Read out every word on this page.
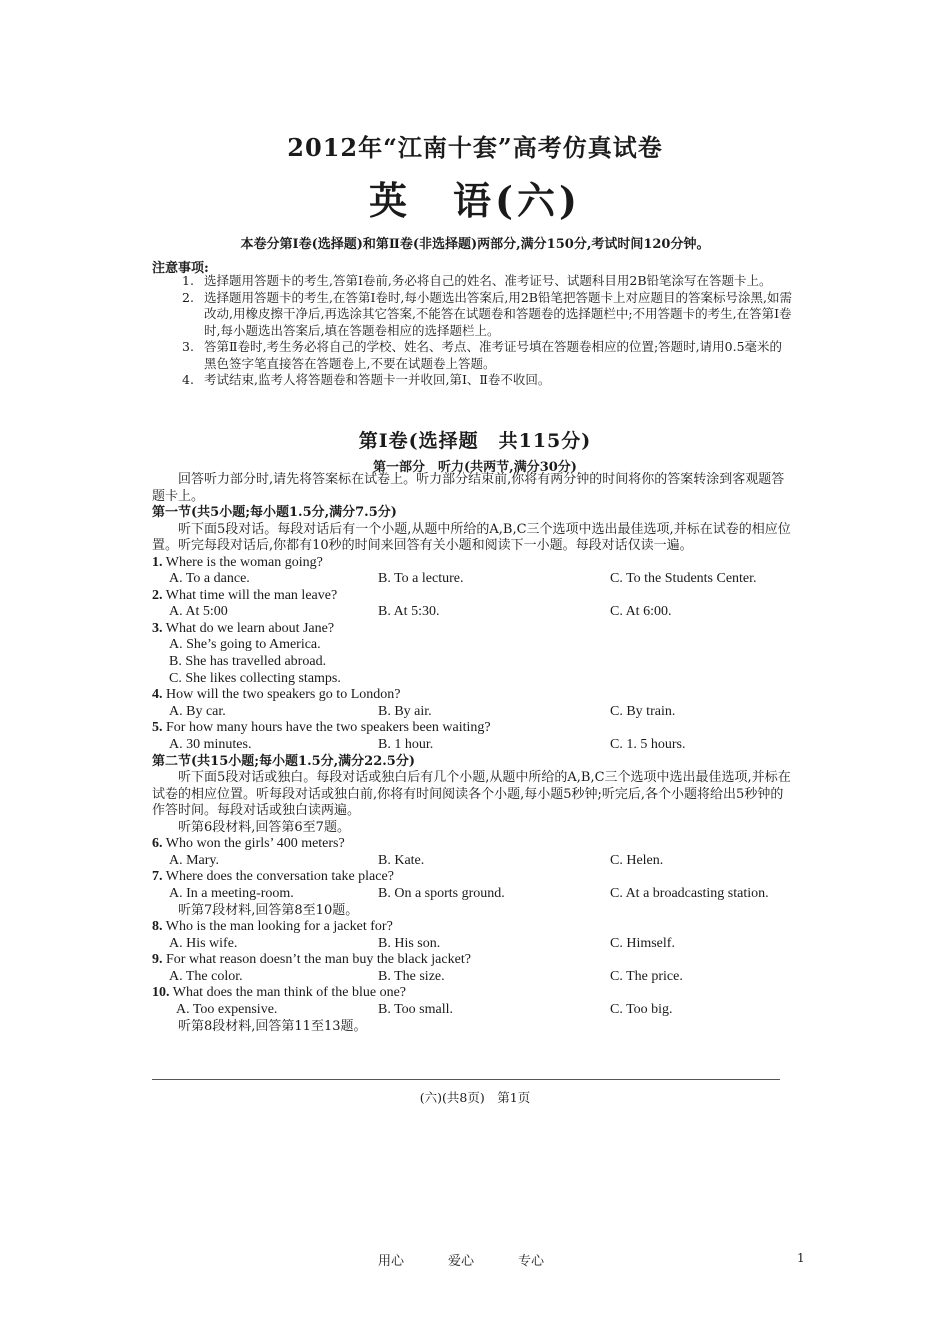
2012年“江南十套”高考仿真试卷
英　语(六)
本卷分第Ⅰ卷(选择题)和第Ⅱ卷(非选择题)两部分,满分150分,考试时间120分钟。
注意事项:
1. 选择题用答题卡的考生,答第Ⅰ卷前,务必将自己的姓名、准考证号、试题科目用2B铅笔涂写在答题卡上。
2. 选择题用答题卡的考生,在答第Ⅰ卷时,每小题选出答案后,用2B铅笔把答题卡上对应题目的答案标号涂黑,如需改动,用橡皮擦干净后,再选涂其它答案,不能答在试题卷和答题卷的选择题栏中;不用答题卡的考生,在答第Ⅰ卷时,每小题选出答案后,填在答题卷相应的选择题栏上。
3. 答第Ⅱ卷时,考生务必将自己的学校、姓名、考点、准考证号填在答题卷相应的位置;答题时,请用0.5毫米的黑色签字笔直接答在答题卷上,不要在试题卷上答题。
4. 考试结束,监考人将答题卷和答题卡一并收回,第Ⅰ、Ⅱ卷不收回。
第Ⅰ卷(选择题　共115分)
第一部分　听力(共两节,满分30分)

回答听力部分时,请先将答案标在试卷上。听力部分结束前,你将有两分钟的时间将你的答案转涂到客观题答题卡上。

第一节(共5小题;每小题1.5分,满分7.5分)

听下面5段对话。每段对话后有一个小题,从题中所给的A,B,C三个选项中选出最佳选项,并标在试卷的相应位置。听完每段对话后,你都有10秒的时间来回答有关小题和阅读下一小题。每段对话仅读一遍。

1. Where is the woman going?

A. To a dance.	B. To a lecture.	C. To the Students Center.

2. What time will the man leave?

A. At 5:00	B. At 5:30.	C. At 6:00.

3. What do we learn about Jane?

A. She’s going to America.

B. She has travelled abroad.

C. She likes collecting stamps.

4. How will the two speakers go to London?

A. By car.	B. By air.	C. By train.

5. For how many hours have the two speakers been waiting?

A. 30 minutes.	B. 1 hour.	C. 1. 5 hours.

第二节(共15小题;每小题1.5分,满分22.5分)

听下面5段对话或独白。每段对话或独白后有几个小题,从题中所给的A,B,C三个选项中选出最佳选项,并标在试卷的相应位置。听每段对话或独白前,你将有时间阅读各个小题,每小题5秒钟;听完后,各个小题将给出5秒钟的作答时间。每段对话或独白读两遍。

听第6段材料,回答第6至7题。

6. Who won the girls’ 400 meters?

A. Mary.	B. Kate.	C. Helen.

7. Where does the conversation take place?

A. In a meeting-room.	B. On a sports ground.	C. At a broadcasting station.

听第7段材料,回答第8至10题。

8. Who is the man looking for a jacket for?

A. His wife.	B. His son.	C. Himself.

9. For what reason doesn’t the man buy the black jacket?

A. The color.	B. The size.	C. The price.

10. What does the man think of the blue one?

A. Too expensive.	B. Too small.	C. Too big.

听第8段材料,回答第11至13题。

(六)(共8页)　第1页
用心	爱心	专心	1
